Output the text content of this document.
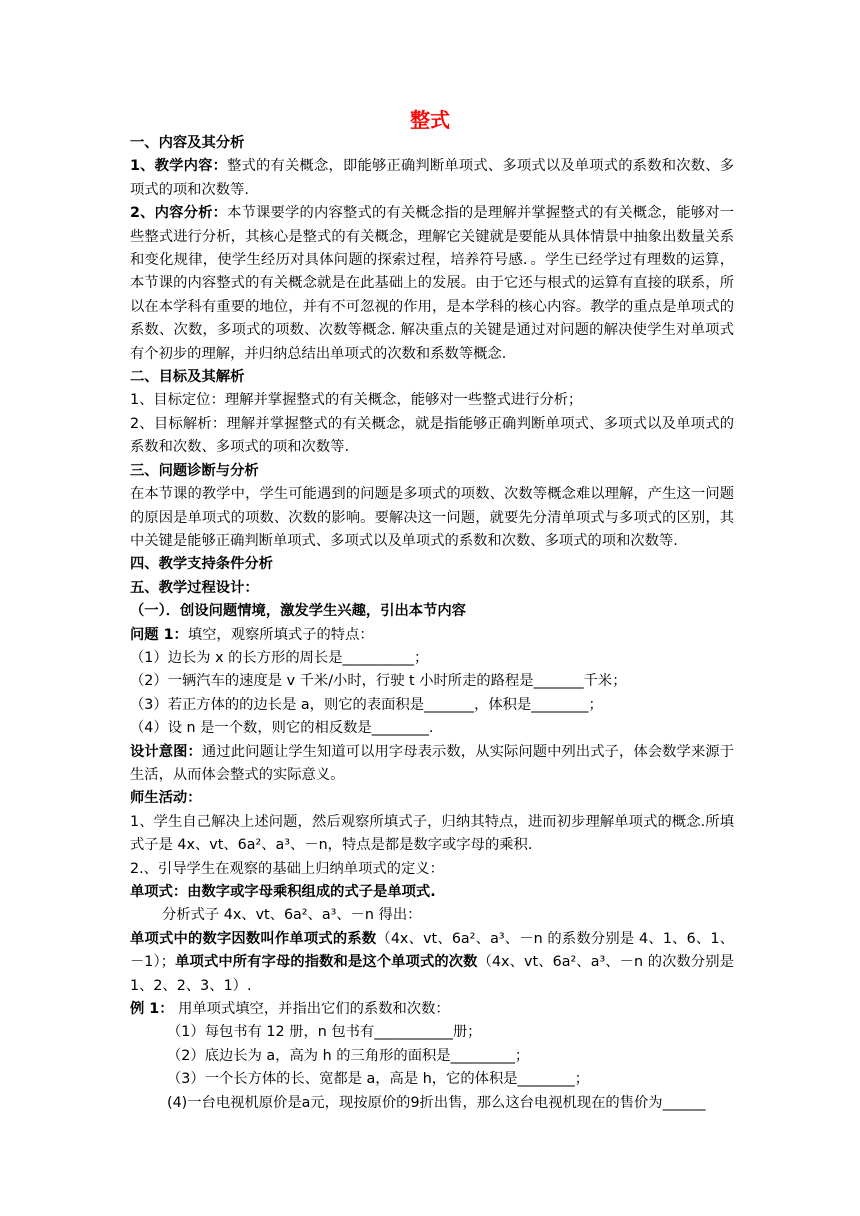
整式

一、内容及其分析

1、教学内容：整式的有关概念，即能够正确判断单项式、多项式以及单项式的系数和次数、多项式的项和次数等.

2、内容分析：本节课要学的内容整式的有关概念指的是理解并掌握整式的有关概念，能够对一些整式进行分析，其核心是整式的有关概念，理解它关键就是要能从具体情景中抽象出数量关系和变化规律，使学生经历对具体问题的探索过程，培养符号感．。学生已经学过有理数的运算，本节课的内容整式的有关概念就是在此基础上的发展。由于它还与根式的运算有直接的联系，所以在本学科有重要的地位，并有不可忽视的作用，是本学科的核心内容。教学的重点是单项式的系数、次数，多项式的项数、次数等概念. 解决重点的关键是通过对问题的解决使学生对单项式有个初步的理解，并归纳总结出单项式的次数和系数等概念.

二、目标及其解析

1、目标定位：理解并掌握整式的有关概念，能够对一些整式进行分析；

2、目标解析：理解并掌握整式的有关概念，就是指能够正确判断单项式、多项式以及单项式的系数和次数、多项式的项和次数等.

三、问题诊断与分析

在本节课的教学中，学生可能遇到的问题是多项式的项数、次数等概念难以理解，产生这一问题的原因是单项式的项数、次数的影响。要解决这一问题，就要先分清单项式与多项式的区别，其中关键是能够正确判断单项式、多项式以及单项式的系数和次数、多项式的项和次数等.

四、教学支持条件分析

五、教学过程设计：

（一）．创设问题情境，激发学生兴趣，引出本节内容

问题 1：填空，观察所填式子的特点：

（1）边长为 x 的长方形的周长是__________；

（2）一辆汽车的速度是 v 千米/小时，行驶 t 小时所走的路程是_______千米；

（3）若正方体的的边长是 a，则它的表面积是_______，体积是________；

（4）设 n 是一个数，则它的相反数是________.

设计意图：通过此问题让学生知道可以用字母表示数，从实际问题中列出式子，体会数学来源于生活，从而体会整式的实际意义。

师生活动：

1、学生自己解决上述问题，然后观察所填式子，归纳其特点，进而初步理解单项式的概念.所填式子是 4x、vt、6a²、a³、－n，特点是都是数字或字母的乘积.

2.、引导学生在观察的基础上归纳单项式的定义：

单项式：由数字或字母乘积组成的式子是单项式.

分析式子 4x、vt、6a²、a³、－n 得出：

单项式中的数字因数叫作单项式的系数（4x、vt、6a²、a³、－n 的系数分别是 4、1、6、1、－1）；单项式中所有字母的指数和是这个单项式的次数（4x、vt、6a²、a³、－n 的次数分别是 1、2、2、3、1）.

例 1： 用单项式填空，并指出它们的系数和次数：

（1）每包书有 12 册，n 包书有___________册；

（2）底边长为 a，高为 h 的三角形的面积是_________；

（3）一个长方体的长、宽都是 a，高是 h，它的体积是________；

(4)一台电视机原价是a元，现按原价的9折出售，那么这台电视机现在的售价为______
